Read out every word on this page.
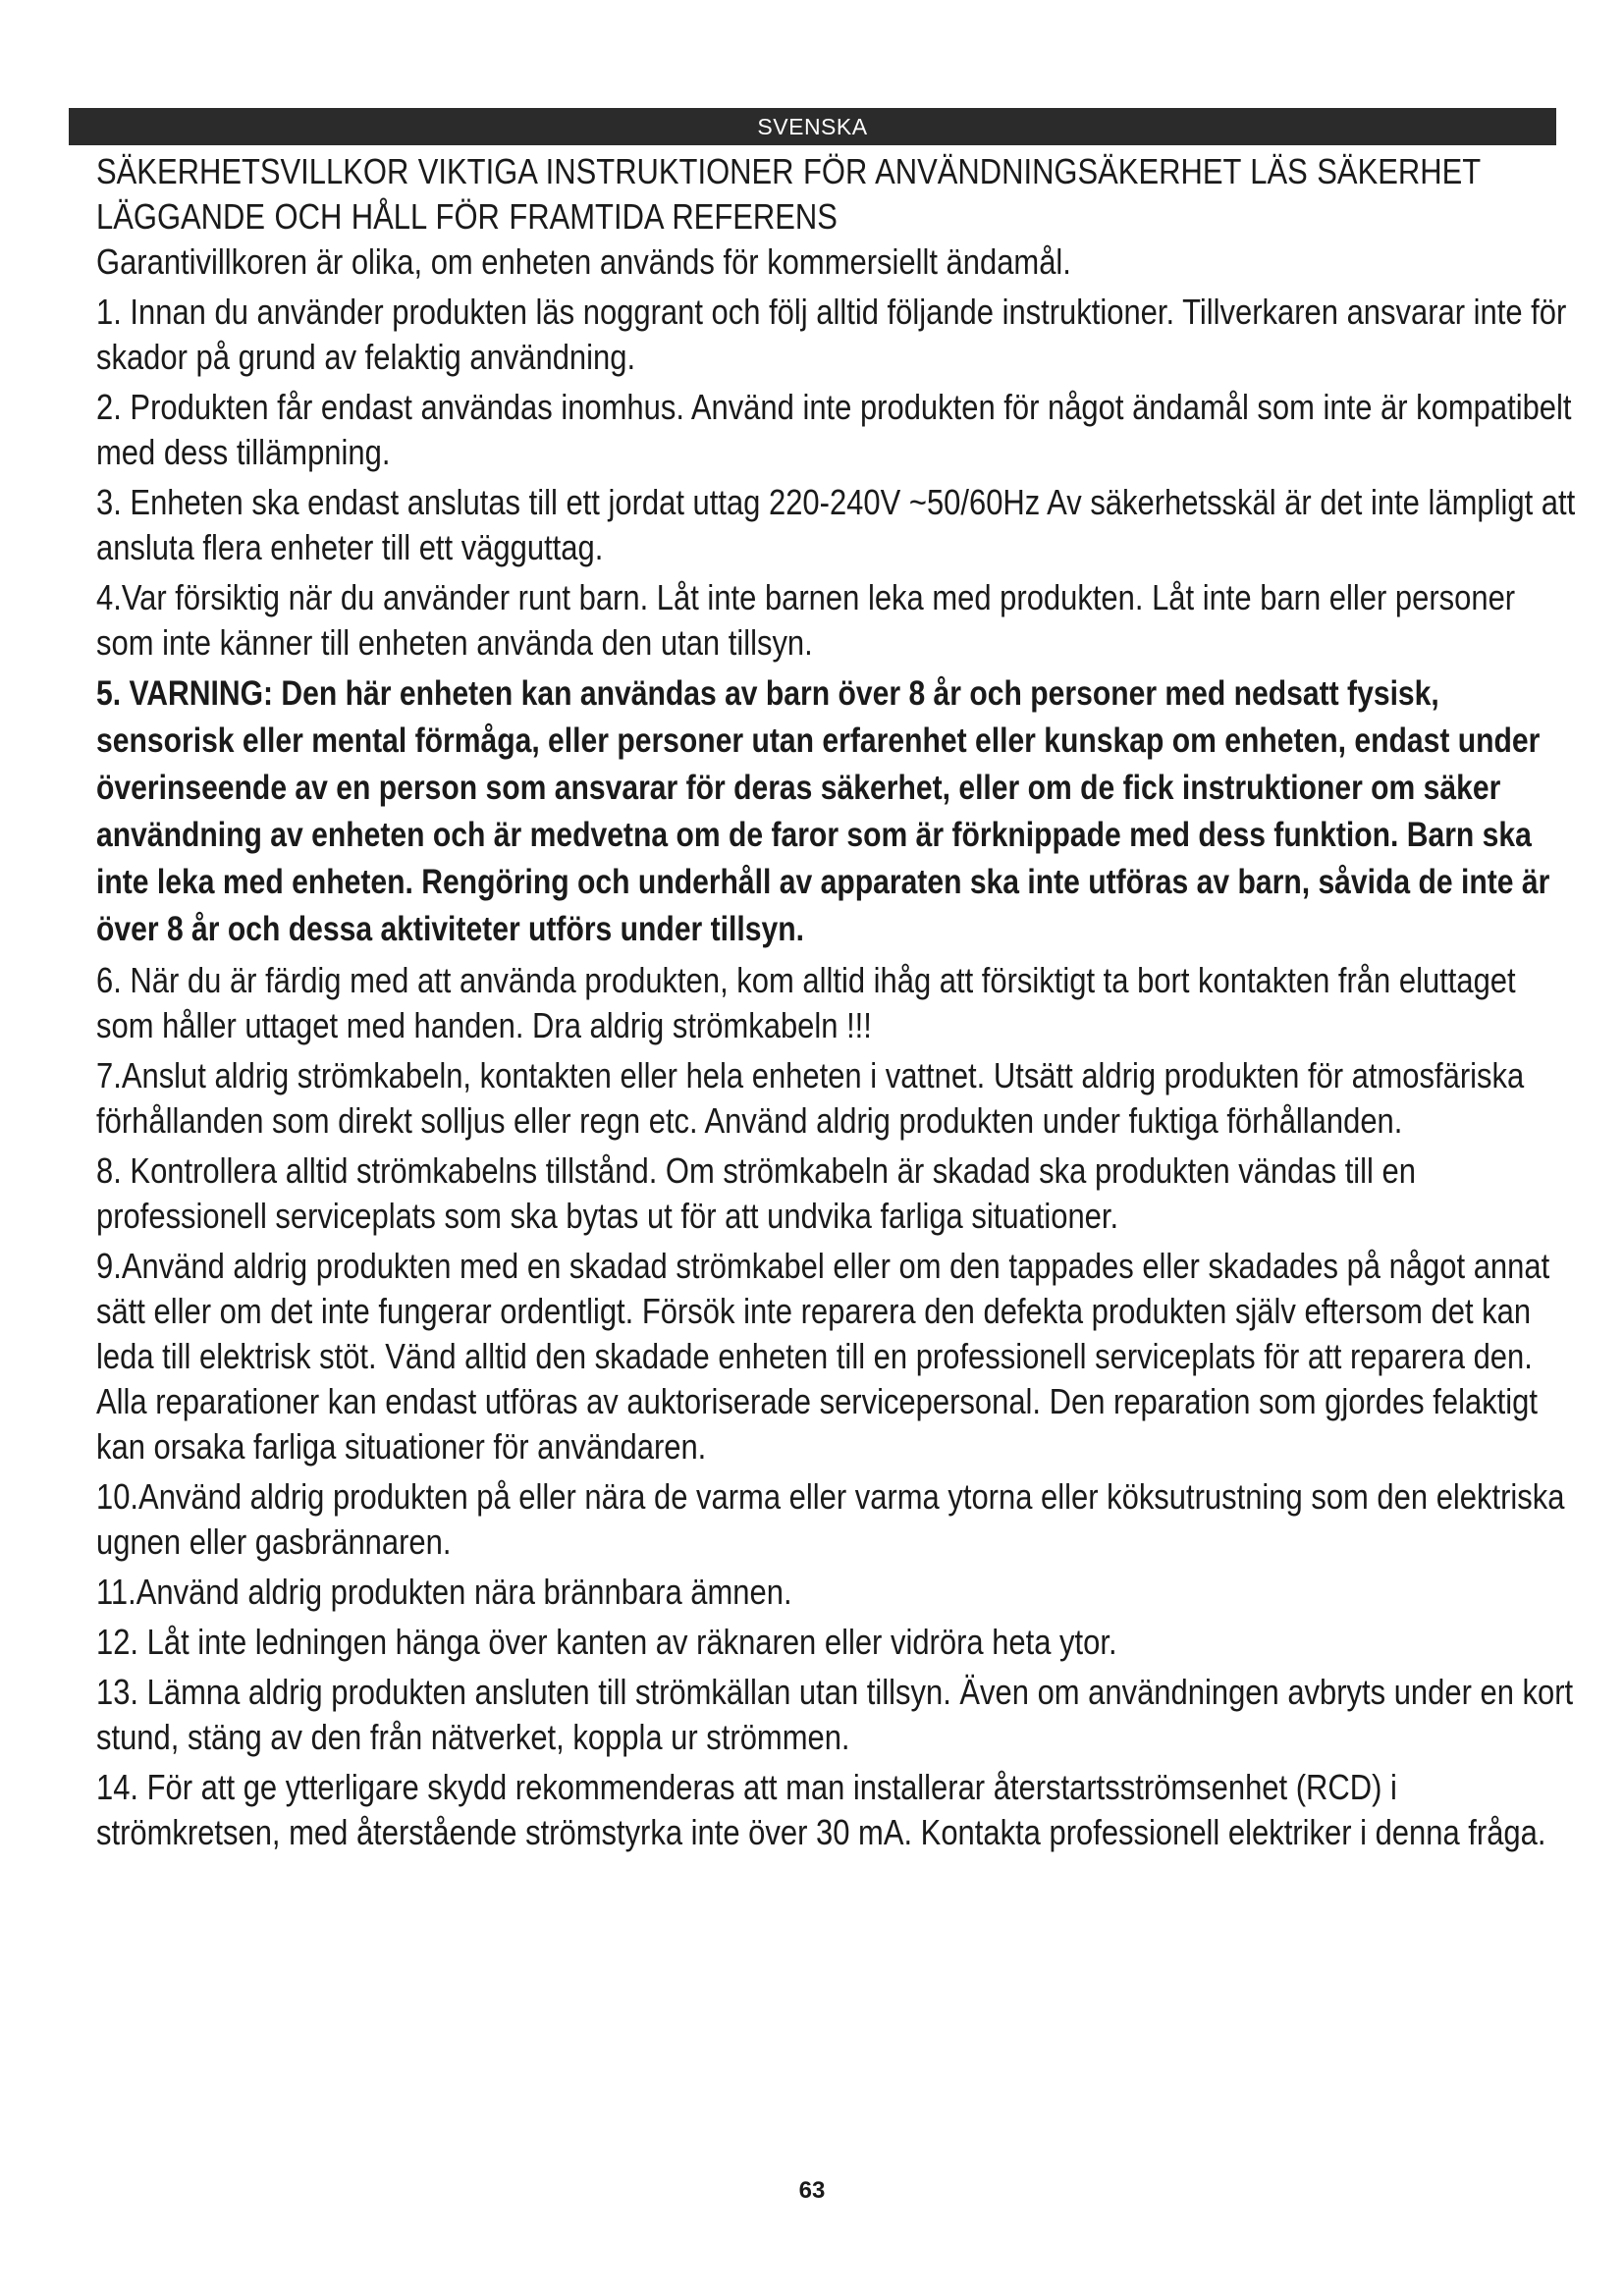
SVENSKA
SÄKERHETSVILLKOR VIKTIGA INSTRUKTIONER FÖR ANVÄNDNINGSÄKERHET LÄS SÄKERHET LÄGGANDE OCH HÅLL FÖR FRAMTIDA REFERENS

Garantivillkoren är olika, om enheten används för kommersiellt ändamål.

1. Innan du använder produkten läs noggrant och följ alltid följande instruktioner. Tillverkaren ansvarar inte för skador på grund av felaktig användning.

2. Produkten får endast användas inomhus. Använd inte produkten för något ändamål som inte är kompatibelt med dess tillämpning.

3. Enheten ska endast anslutas till ett jordat uttag 220-240V ~50/60Hz Av säkerhetsskäl är det inte lämpligt att ansluta flera enheter till ett vägguttag.

4.Var försiktig när du använder runt barn. Låt inte barnen leka med produkten. Låt inte barn eller personer som inte känner till enheten använda den utan tillsyn.

5. VARNING: Den här enheten kan användas av barn över 8 år och personer med nedsatt fysisk, sensorisk eller mental förmåga, eller personer utan erfarenhet eller kunskap om enheten, endast under överinseende av en person som ansvarar för deras säkerhet, eller om de fick instruktioner om säker användning av enheten och är medvetna om de faror som är förknippade med dess funktion. Barn ska inte leka med enheten. Rengöring och underhåll av apparaten ska inte utföras av barn, såvida de inte är över 8 år och dessa aktiviteter utförs under tillsyn.

6. När du är färdig med att använda produkten, kom alltid ihåg att försiktigt ta bort kontakten från eluttaget som håller uttaget med handen. Dra aldrig strömkabeln !!!

7.Anslut aldrig strömkabeln, kontakten eller hela enheten i vattnet. Utsätt aldrig produkten för atmosfäriska förhållanden som direkt solljus eller regn etc. Använd aldrig produkten under fuktiga förhållanden.

8. Kontrollera alltid strömkabelns tillstånd. Om strömkabeln är skadad ska produkten vändas till en professionell serviceplats som ska bytas ut för att undvika farliga situationer.

9.Använd aldrig produkten med en skadad strömkabel eller om den tappades eller skadades på något annat sätt eller om det inte fungerar ordentligt. Försök inte reparera den defekta produkten själv eftersom det kan leda till elektrisk stöt. Vänd alltid den skadade enheten till en professionell serviceplats för att reparera den. Alla reparationer kan endast utföras av auktoriserade servicepersonal. Den reparation som gjordes felaktigt kan orsaka farliga situationer för användaren.

10.Använd aldrig produkten på eller nära de varma eller varma ytorna eller köksutrustning som den elektriska ugnen eller gasbrännaren.

11.Använd aldrig produkten nära brännbara ämnen.

12. Låt inte ledningen hänga över kanten av räknaren eller vidröra heta ytor.

13. Lämna aldrig produkten ansluten till strömkällan utan tillsyn. Även om användningen avbryts under en kort stund, stäng av den från nätverket, koppla ur strömmen.

14. För att ge ytterligare skydd rekommenderas att man installerar återstartsströmsenhet (RCD) i strömkretsen, med återstående strömstyrka inte över 30 mA. Kontakta professionell elektriker i denna fråga.

63
